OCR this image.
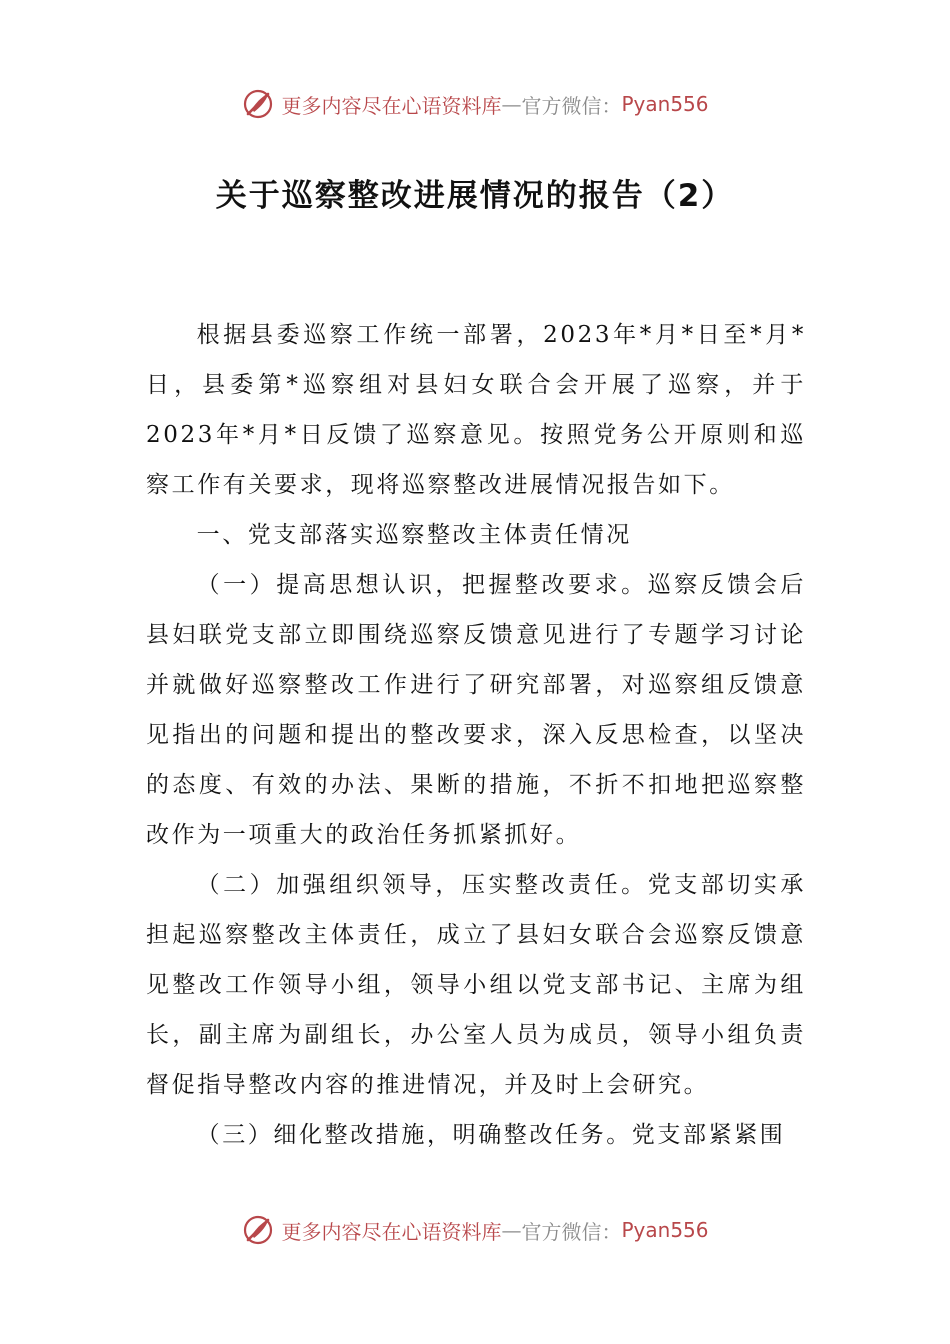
更多内容尽在心语资料库 — 官方微信： Pyan556
关于巡察整改进展情况的报告（2）

根据县委巡察工作统一部署，2023年*月*日至*月*日，县委第*巡察组对县妇女联合会开展了巡察，并于2023年*月*日反馈了巡察意见。按照党务公开原则和巡察工作有关要求，现将巡察整改进展情况报告如下。

一、党支部落实巡察整改主体责任情况

（一）提高思想认识，把握整改要求。巡察反馈会后县妇联党支部立即围绕巡察反馈意见进行了专题学习讨论并就做好巡察整改工作进行了研究部署，对巡察组反馈意见指出的问题和提出的整改要求，深入反思检查，以坚决的态度、有效的办法、果断的措施，不折不扣地把巡察整改作为一项重大的政治任务抓紧抓好。

（二）加强组织领导，压实整改责任。党支部切实承担起巡察整改主体责任，成立了县妇女联合会巡察反馈意见整改工作领导小组，领导小组以党支部书记、主席为组长，副主席为副组长，办公室人员为成员，领导小组负责督促指导整改内容的推进情况，并及时上会研究。

（三）细化整改措施，明确整改任务。党支部紧紧围

更多内容尽在心语资料库 — 官方微信： Pyan556
